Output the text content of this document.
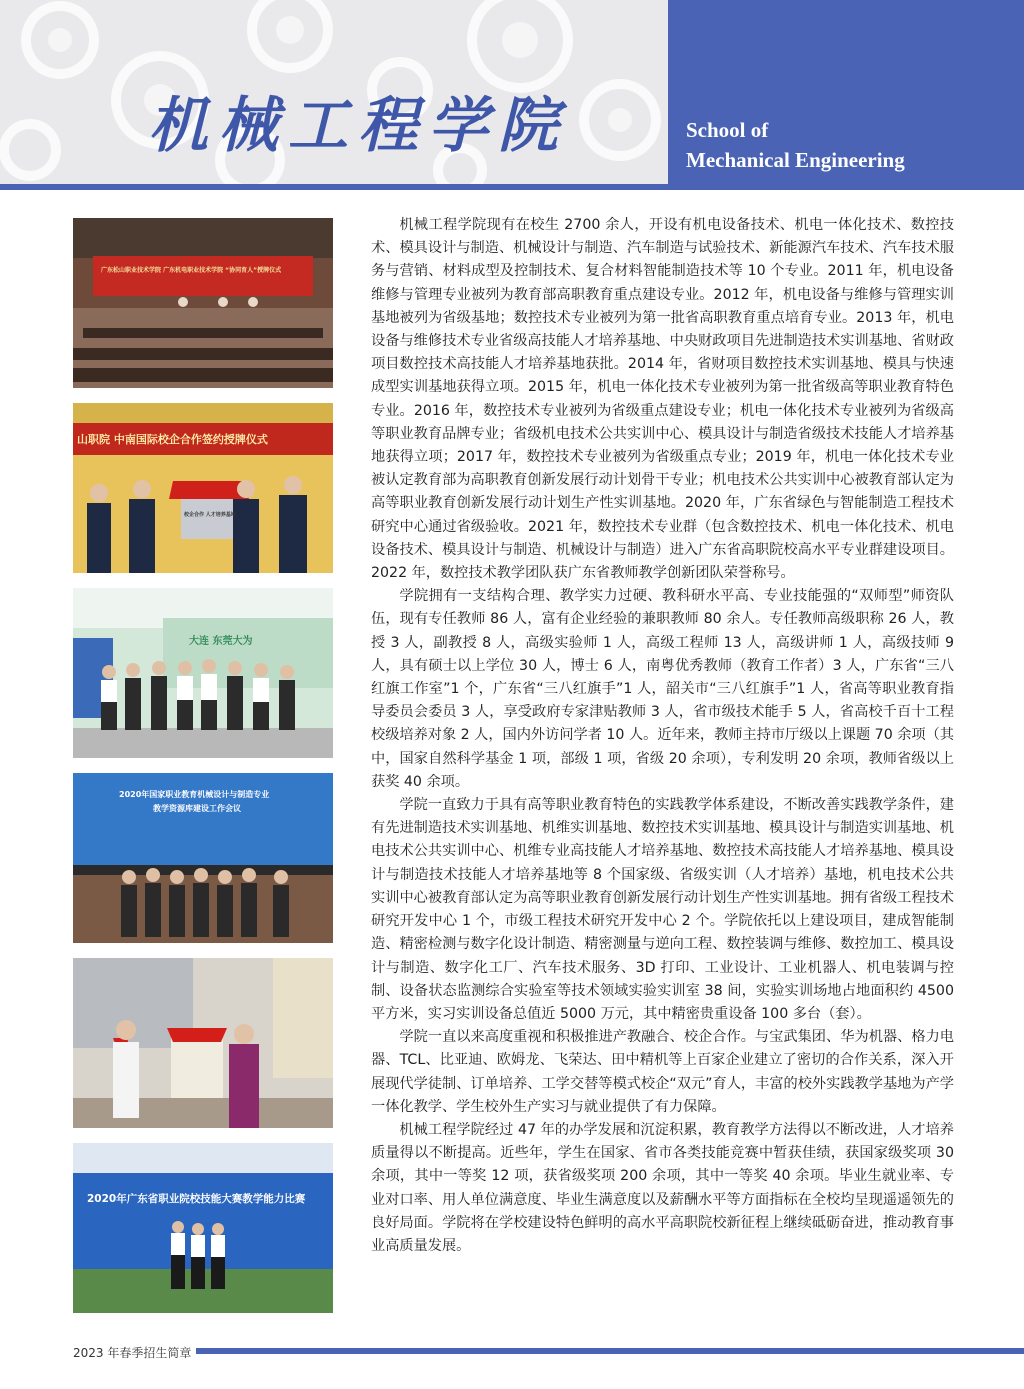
机械工程学院	School of
Mechanical Engineering
广东松山职业技术学院 广东机电职业技术学院 “协同育人”授牌仪式
山职院 中南国际校企合作签约授牌仪式
校企合作 人才培养基地
大连 东莞大为
2020年国家职业教育机械设计与制造专业
教学资源库建设工作会议
2020年广东省职业院校技能大赛教学能力比赛

机械工程学院现有在校生 2700 余人，开设有机电设备技术、机电一体化技术、数控技术、模具设计与制造、机械设计与制造、汽车制造与试验技术、新能源汽车技术、汽车技术服务与营销、材料成型及控制技术、复合材料智能制造技术等 10 个专业。2011 年，机电设备维修与管理专业被列为教育部高职教育重点建设专业。2012 年，机电设备与维修与管理实训基地被列为省级基地；数控技术专业被列为第一批省高职教育重点培育专业。2013 年，机电设备与维修技术专业省级高技能人才培养基地、中央财政项目先进制造技术实训基地、省财政项目数控技术高技能人才培养基地获批。2014 年，省财项目数控技术实训基地、模具与快速成型实训基地获得立项。2015 年，机电一体化技术专业被列为第一批省级高等职业教育特色专业。2016 年，数控技术专业被列为省级重点建设专业；机电一体化技术专业被列为省级高等职业教育品牌专业；省级机电技术公共实训中心、模具设计与制造省级技术技能人才培养基地获得立项；2017 年，数控技术专业被列为省级重点专业；2019 年，机电一体化技术专业被认定教育部为高职教育创新发展行动计划骨干专业；机电技术公共实训中心被教育部认定为高等职业教育创新发展行动计划生产性实训基地。2020 年，广东省绿色与智能制造工程技术研究中心通过省级验收。2021 年，数控技术专业群（包含数控技术、机电一体化技术、机电设备技术、模具设计与制造、机械设计与制造）进入广东省高职院校高水平专业群建设项目。2022 年，数控技术教学团队获广东省教师教学创新团队荣誉称号。

学院拥有一支结构合理、教学实力过硬、教科研水平高、专业技能强的“双师型”师资队伍，现有专任教师 86 人，富有企业经验的兼职教师 80 余人。专任教师高级职称 26 人，教授 3 人，副教授 8 人，高级实验师 1 人，高级工程师 13 人，高级讲师 1 人，高级技师 9 人，具有硕士以上学位 30 人，博士 6 人，南粤优秀教师（教育工作者）3 人，广东省“三八红旗工作室”1 个，广东省“三八红旗手”1 人，韶关市“三八红旗手”1 人，省高等职业教育指导委员会委员 3 人，享受政府专家津贴教师 3 人，省市级技术能手 5 人，省高校千百十工程校级培养对象 2 人，国内外访问学者 10 人。近年来，教师主持市厅级以上课题 70 余项（其中，国家自然科学基金 1 项，部级 1 项，省级 20 余项），专利发明 20 余项，教师省级以上获奖 40 余项。

学院一直致力于具有高等职业教育特色的实践教学体系建设，不断改善实践教学条件，建有先进制造技术实训基地、机维实训基地、数控技术实训基地、模具设计与制造实训基地、机电技术公共实训中心、机维专业高技能人才培养基地、数控技术高技能人才培养基地、模具设计与制造技术技能人才培养基地等 8 个国家级、省级实训（人才培养）基地，机电技术公共实训中心被教育部认定为高等职业教育创新发展行动计划生产性实训基地。拥有省级工程技术研究开发中心 1 个，市级工程技术研究开发中心 2 个。学院依托以上建设项目，建成智能制造、精密检测与数字化设计制造、精密测量与逆向工程、数控装调与维修、数控加工、模具设计与制造、数字化工厂、汽车技术服务、3D 打印、工业设计、工业机器人、机电装调与控制、设备状态监测综合实验室等技术领域实验实训室 38 间，实验实训场地占地面积约 4500 平方米，实习实训设备总值近 5000 万元，其中精密贵重设备 100 多台（套）。

学院一直以来高度重视和积极推进产教融合、校企合作。与宝武集团、华为机器、格力电器、TCL、比亚迪、欧姆龙、飞荣达、田中精机等上百家企业建立了密切的合作关系，深入开展现代学徒制、订单培养、工学交替等模式校企“双元”育人，丰富的校外实践教学基地为产学一体化教学、学生校外生产实习与就业提供了有力保障。

机械工程学院经过 47 年的办学发展和沉淀积累，教育教学方法得以不断改进，人才培养质量得以不断提高。近些年，学生在国家、省市各类技能竞赛中暂获佳绩，获国家级奖项 30 余项，其中一等奖 12 项，获省级奖项 200 余项，其中一等奖 40 余项。毕业生就业率、专业对口率、用人单位满意度、毕业生满意度以及薪酬水平等方面指标在全校均呈现遥遥领先的良好局面。学院将在学校建设特色鲜明的高水平高职院校新征程上继续砥砺奋进，推动教育事业高质量发展。

2023 年春季招生简章
